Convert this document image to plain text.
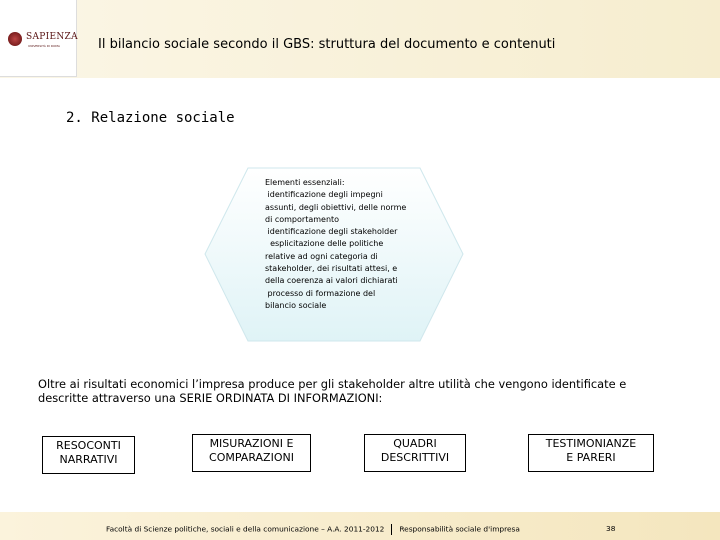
SAPIENZA
UNIVERSITÀ DI ROMA	Il bilancio sociale secondo il GBS: struttura del documento e contenuti
2. Relazione sociale
Elementi essenziali:
identificazione degli impegni
assunti, degli obiettivi, delle norme
di comportamento
identificazione degli stakeholder
esplicitazione delle politiche
relative ad ogni categoria di
stakeholder, dei risultati attesi, e
della coerenza ai valori dichiarati
processo di formazione del
bilancio sociale
Oltre ai risultati economici l’impresa produce per gli stakeholder altre utilità che vengono identificate e descritte attraverso una SERIE ORDINATA DI INFORMAZIONI:
RESOCONTI
NARRATIVI
MISURAZIONI E
COMPARAZIONI
QUADRI
DESCRITTIVI
TESTIMONIANZE
E PARERI
Facoltà di Scienze politiche, sociali e della comunicazione – A.A. 2011-2012 Responsabilità sociale d'impresa	38
